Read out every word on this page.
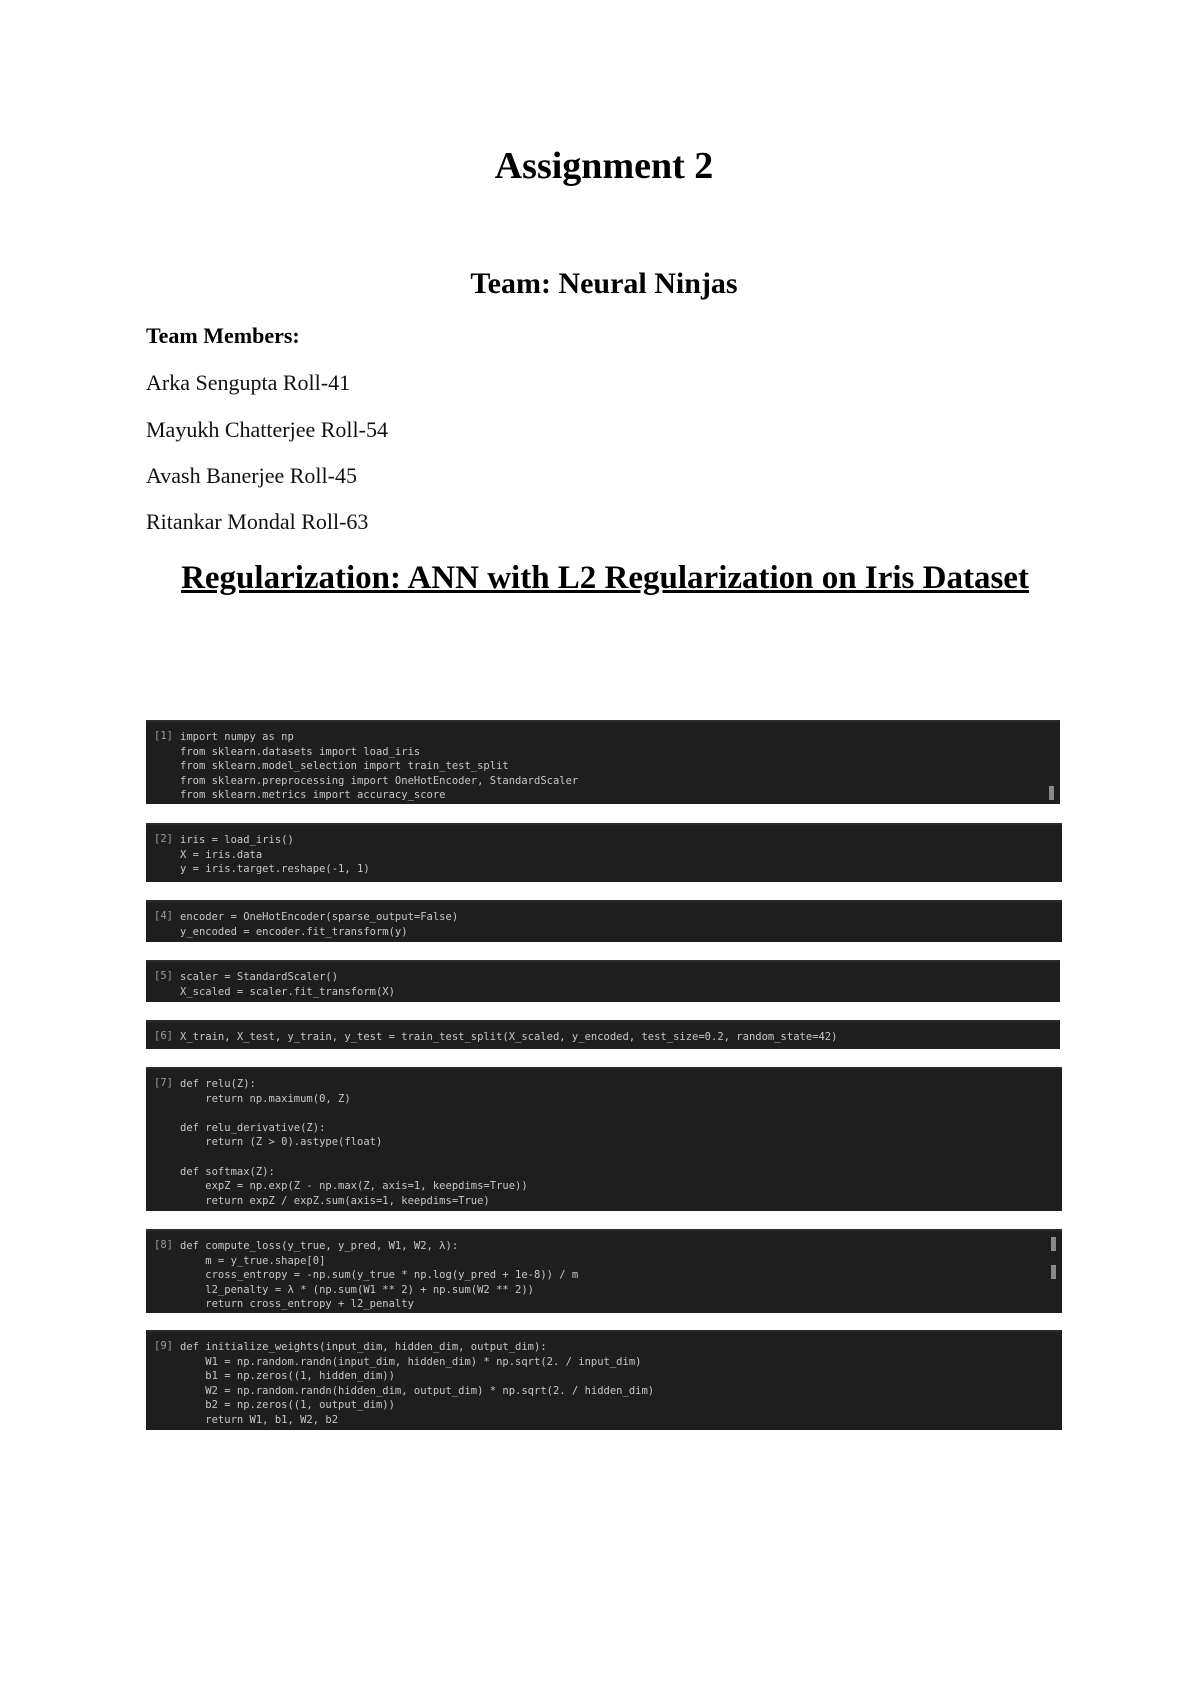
Assignment 2
Team: Neural Ninjas

Team Members:

Arka Sengupta Roll-41

Mayukh Chatterjee Roll-54

Avash Banerjee Roll-45

Ritankar Mondal Roll-63

Regularization: ANN with L2 Regularization on Iris Dataset
[1] import numpy as np
from sklearn.datasets import load_iris
from sklearn.model_selection import train_test_split
from sklearn.preprocessing import OneHotEncoder, StandardScaler
from sklearn.metrics import accuracy_score
[2] iris = load_iris()
X = iris.data
y = iris.target.reshape(-1, 1)
[4] encoder = OneHotEncoder(sparse_output=False)
y_encoded = encoder.fit_transform(y)
[5] scaler = StandardScaler()
X_scaled = scaler.fit_transform(X)
[6] X_train, X_test, y_train, y_test = train_test_split(X_scaled, y_encoded, test_size=0.2, random_state=42)
[7] def relu(Z):
return np.maximum(0, Z)

def relu_derivative(Z):
return (Z > 0).astype(float)

def softmax(Z):
expZ = np.exp(Z - np.max(Z, axis=1, keepdims=True))
return expZ / expZ.sum(axis=1, keepdims=True)
[8] def compute_loss(y_true, y_pred, W1, W2, λ):
m = y_true.shape[0]
cross_entropy = -np.sum(y_true * np.log(y_pred + 1e-8)) / m
l2_penalty = λ * (np.sum(W1 ** 2) + np.sum(W2 ** 2))
return cross_entropy + l2_penalty
[9] def initialize_weights(input_dim, hidden_dim, output_dim):
W1 = np.random.randn(input_dim, hidden_dim) * np.sqrt(2. / input_dim)
b1 = np.zeros((1, hidden_dim))
W2 = np.random.randn(hidden_dim, output_dim) * np.sqrt(2. / hidden_dim)
b2 = np.zeros((1, output_dim))
return W1, b1, W2, b2
